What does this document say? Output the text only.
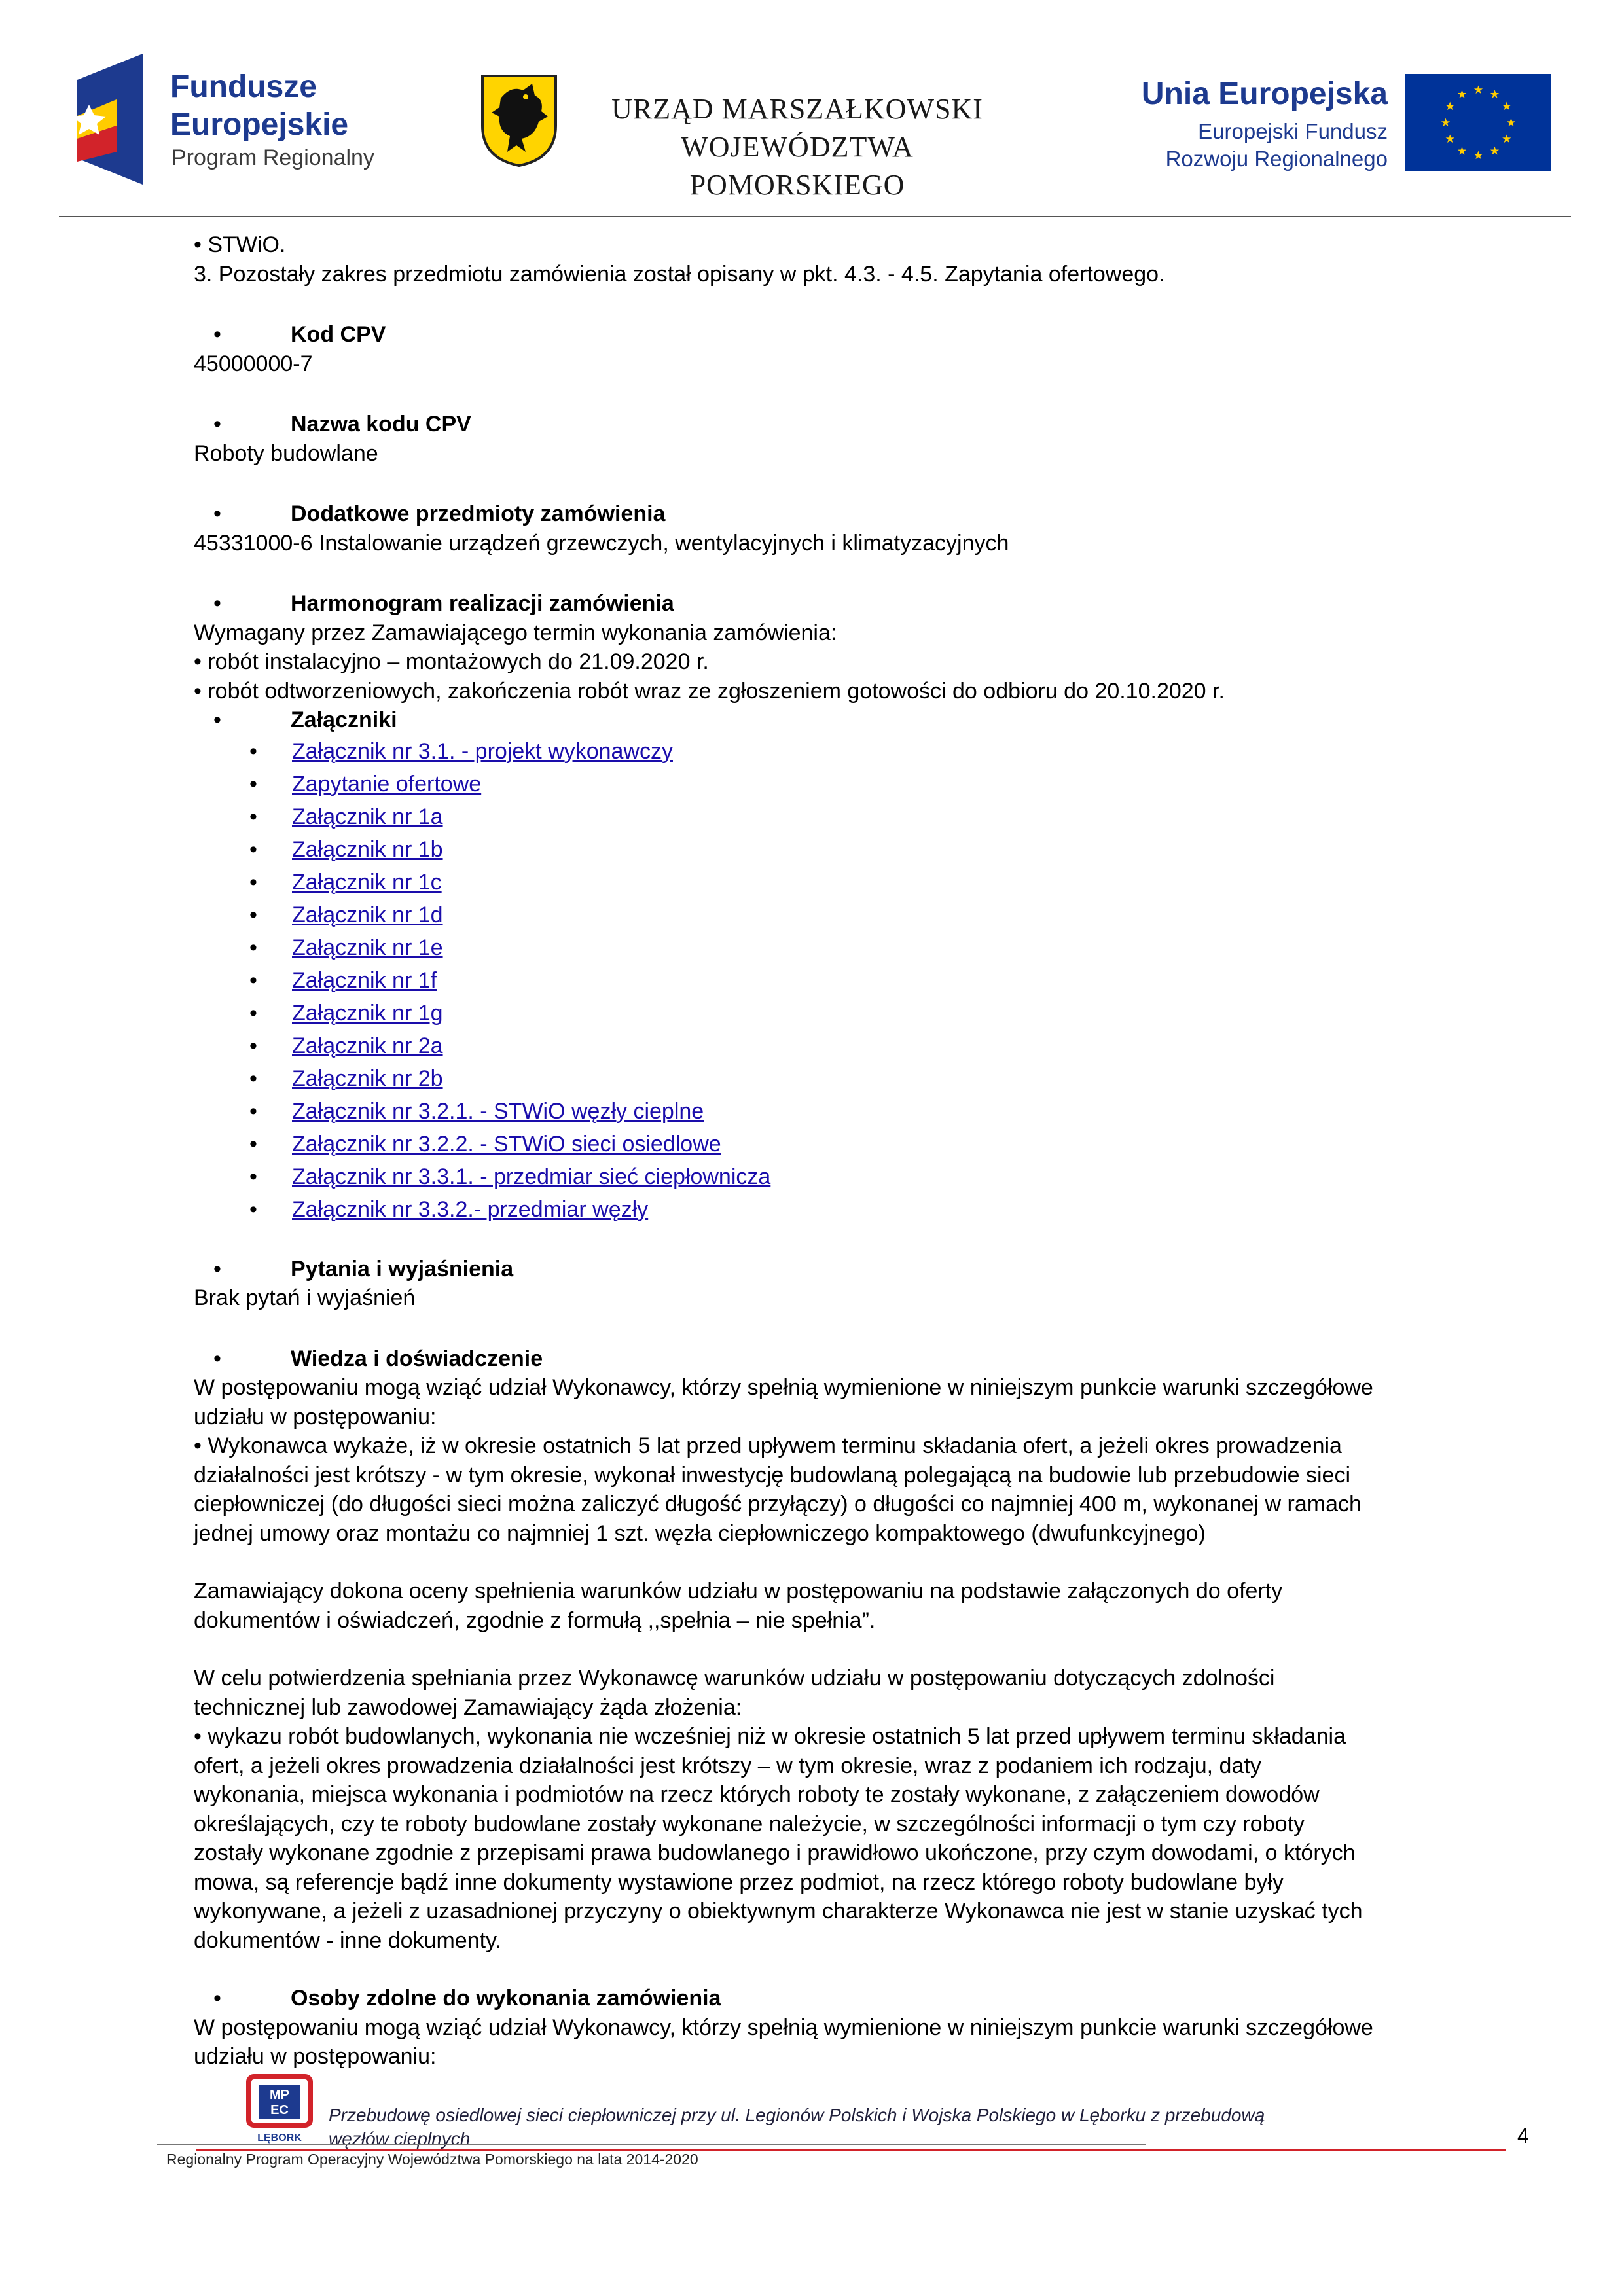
Fundusze
Europejskie
Program Regionalny
URZĄD MARSZAŁKOWSKI
WOJEWÓDZTWA POMORSKIEGO
Unia Europejska
Europejski Fundusz
Rozwoju Regionalnego

• STWiO.

3. Pozostały zakres przedmiotu zamówienia został opisany w pkt. 4.3. - 4.5. Zapytania ofertowego.

•	Kod CPV

45000000-7

•	Nazwa kodu CPV

Roboty budowlane

•	Dodatkowe przedmioty zamówienia

45331000-6 Instalowanie urządzeń grzewczych, wentylacyjnych i klimatyzacyjnych

•	Harmonogram realizacji zamówienia

Wymagany przez Zamawiającego termin wykonania zamówienia:

• robót instalacyjno – montażowych do 21.09.2020 r.

• robót odtworzeniowych, zakończenia robót wraz ze zgłoszeniem gotowości do odbioru do 20.10.2020 r.

•	Załączniki

• Załącznik nr 3.1. - projekt wykonawczy
• Zapytanie ofertowe
• Załącznik nr 1a
• Załącznik nr 1b
• Załącznik nr 1c
• Załącznik nr 1d
• Załącznik nr 1e
• Załącznik nr 1f
• Załącznik nr 1g
• Załącznik nr 2a
• Załącznik nr 2b
• Załącznik nr 3.2.1. - STWiO węzły cieplne
• Załącznik nr 3.2.2. - STWiO sieci osiedlowe
• Załącznik nr 3.3.1. - przedmiar sieć ciepłownicza
• Załącznik nr 3.3.2.- przedmiar węzły

•	Pytania i wyjaśnienia

Brak pytań i wyjaśnień

•	Wiedza i doświadczenie

W postępowaniu mogą wziąć udział Wykonawcy, którzy spełnią wymienione w niniejszym punkcie warunki szczegółowe

udziału w postępowaniu:

• Wykonawca wykaże, iż w okresie ostatnich 5 lat przed upływem terminu składania ofert, a jeżeli okres prowadzenia

działalności jest krótszy - w tym okresie, wykonał inwestycję budowlaną polegającą na budowie lub przebudowie sieci

ciepłowniczej (do długości sieci można zaliczyć długość przyłączy) o długości co najmniej 400 m, wykonanej w ramach

jednej umowy oraz montażu co najmniej 1 szt. węzła ciepłowniczego kompaktowego (dwufunkcyjnego)

Zamawiający dokona oceny spełnienia warunków udziału w postępowaniu na podstawie załączonych do oferty

dokumentów i oświadczeń, zgodnie z formułą ,,spełnia – nie spełnia”.

W celu potwierdzenia spełniania przez Wykonawcę warunków udziału w postępowaniu dotyczących zdolności

technicznej lub zawodowej Zamawiający żąda złożenia:

• wykazu robót budowlanych, wykonania nie wcześniej niż w okresie ostatnich 5 lat przed upływem terminu składania

ofert, a jeżeli okres prowadzenia działalności jest krótszy – w tym okresie, wraz z podaniem ich rodzaju, daty

wykonania, miejsca wykonania i podmiotów na rzecz których roboty te zostały wykonane, z załączeniem dowodów

określających, czy te roboty budowlane zostały wykonane należycie, w szczególności informacji o tym czy roboty

zostały wykonane zgodnie z przepisami prawa budowlanego i prawidłowo ukończone, przy czym dowodami, o których

mowa, są referencje bądź inne dokumenty wystawione przez podmiot, na rzecz którego roboty budowlane były

wykonywane, a jeżeli z uzasadnionej przyczyny o obiektywnym charakterze Wykonawca nie jest w stanie uzyskać tych

dokumentów - inne dokumenty.

•	Osoby zdolne do wykonania zamówienia

W postępowaniu mogą wziąć udział Wykonawcy, którzy spełnią wymienione w niniejszym punkcie warunki szczegółowe

udziału w postępowaniu:

MP
EC
LĘBORK
Przebudowę osiedlowej sieci ciepłowniczej przy ul. Legionów Polskich i Wojska Polskiego w Lęborku z przebudową
węzłów cieplnych
Regionalny Program Operacyjny Województwa Pomorskiego na lata 2014-2020
4
